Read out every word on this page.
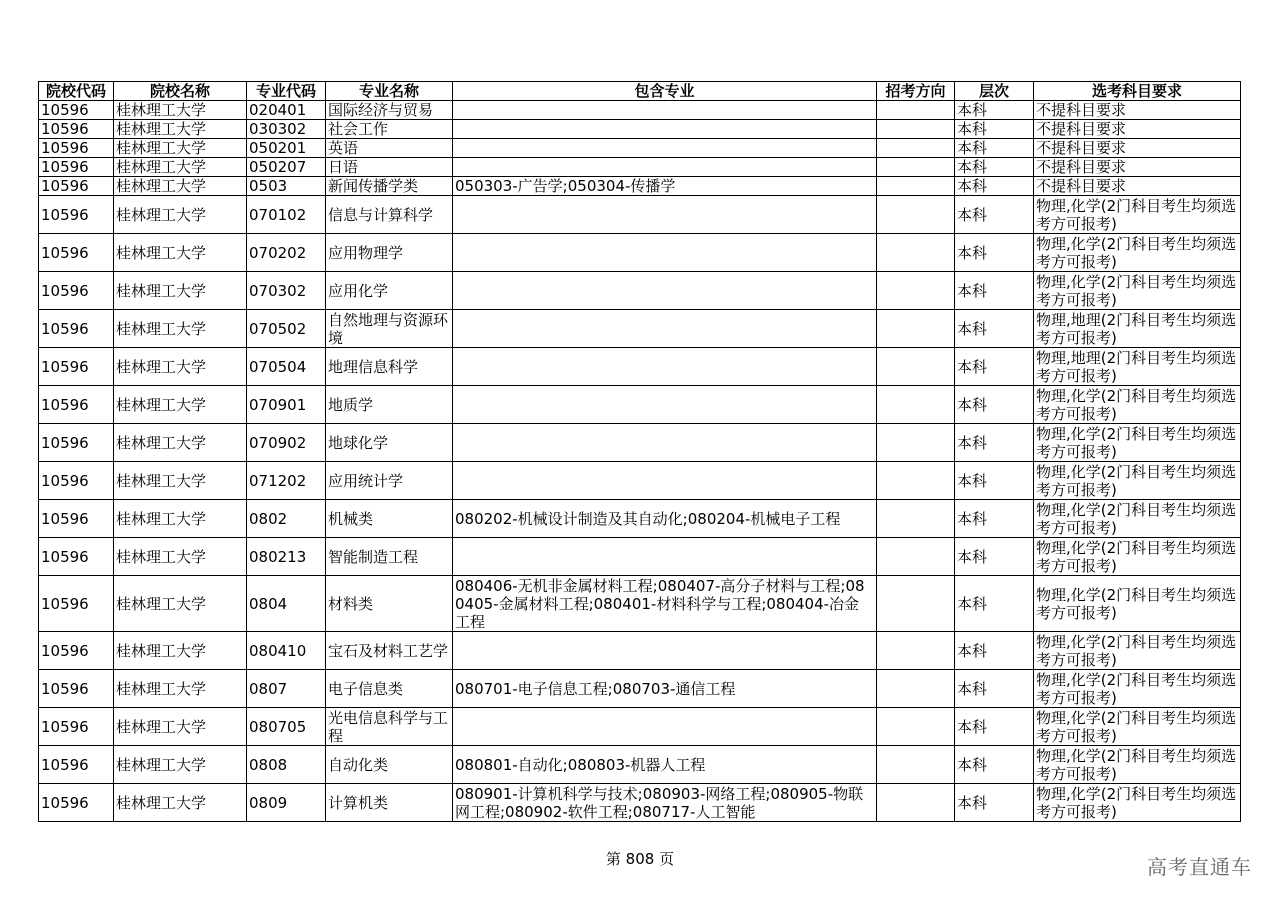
院校代码	院校名称	专业代码	专业名称	包含专业	招考方向	层次	选考科目要求
10596	桂林理工大学	020401	国际经济与贸易			本科	不提科目要求
10596	桂林理工大学	030302	社会工作			本科	不提科目要求
10596	桂林理工大学	050201	英语			本科	不提科目要求
10596	桂林理工大学	050207	日语			本科	不提科目要求
10596	桂林理工大学	0503	新闻传播学类	050303-广告学;050304-传播学		本科	不提科目要求
10596	桂林理工大学	070102	信息与计算科学			本科	物理,化学(2门科目考生均须选考方可报考)
10596	桂林理工大学	070202	应用物理学			本科	物理,化学(2门科目考生均须选考方可报考)
10596	桂林理工大学	070302	应用化学			本科	物理,化学(2门科目考生均须选考方可报考)
10596	桂林理工大学	070502	自然地理与资源环境			本科	物理,地理(2门科目考生均须选考方可报考)
10596	桂林理工大学	070504	地理信息科学			本科	物理,地理(2门科目考生均须选考方可报考)
10596	桂林理工大学	070901	地质学			本科	物理,化学(2门科目考生均须选考方可报考)
10596	桂林理工大学	070902	地球化学			本科	物理,化学(2门科目考生均须选考方可报考)
10596	桂林理工大学	071202	应用统计学			本科	物理,化学(2门科目考生均须选考方可报考)
10596	桂林理工大学	0802	机械类	080202-机械设计制造及其自动化;080204-机械电子工程		本科	物理,化学(2门科目考生均须选考方可报考)
10596	桂林理工大学	080213	智能制造工程			本科	物理,化学(2门科目考生均须选考方可报考)
10596	桂林理工大学	0804	材料类	080406-无机非金属材料工程;080407-高分子材料与工程;080405-金属材料工程;080401-材料科学与工程;080404-冶金工程		本科	物理,化学(2门科目考生均须选考方可报考)
10596	桂林理工大学	080410	宝石及材料工艺学			本科	物理,化学(2门科目考生均须选考方可报考)
10596	桂林理工大学	0807	电子信息类	080701-电子信息工程;080703-通信工程		本科	物理,化学(2门科目考生均须选考方可报考)
10596	桂林理工大学	080705	光电信息科学与工程			本科	物理,化学(2门科目考生均须选考方可报考)
10596	桂林理工大学	0808	自动化类	080801-自动化;080803-机器人工程		本科	物理,化学(2门科目考生均须选考方可报考)
10596	桂林理工大学	0809	计算机类	080901-计算机科学与技术;080903-网络工程;080905-物联网工程;080902-软件工程;080717-人工智能		本科	物理,化学(2门科目考生均须选考方可报考)
第 808 页	高考直通车
